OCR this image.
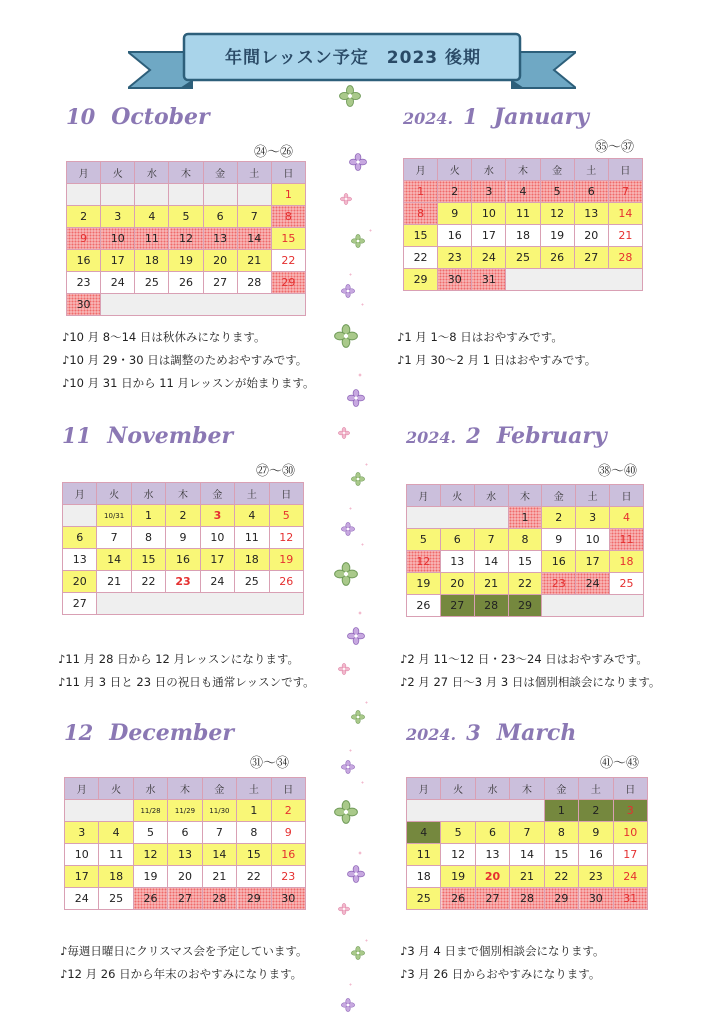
年間レッスン予定　2023 後期
10 October
㉔～㉖
月	火	水	木	金	土	日
						1
2	3	4	5	6	7	8
9	10	11	12	13	14	15
16	17	18	19	20	21	22
23	24	25	26	27	28	29
30						
♪10 月 8～14 日は秋休みになります。
♪10 月 29・30 日は調整のためおやすみです。
♪10 月 31 日から 11 月レッスンが始まります。
2024. 1 January
㉟～㊲
月	火	水	木	金	土	日
1	2	3	4	5	6	7
8	9	10	11	12	13	14
15	16	17	18	19	20	21
22	23	24	25	26	27	28
29	30	31				
♪1 月 1～8 日はおやすみです。
♪1 月 30～2 月 1 日はおやすみです。
11 November
㉗～㉚
月	火	水	木	金	土	日
	10/31	1	2	3	4	5
6	7	8	9	10	11	12
13	14	15	16	17	18	19
20	21	22	23	24	25	26
27						
♪11 月 28 日から 12 月レッスンになります。
♪11 月 3 日と 23 日の祝日も通常レッスンです。
2024. 2 February
㊳～㊵
月	火	水	木	金	土	日
			1	2	3	4
5	6	7	8	9	10	11
12	13	14	15	16	17	18
19	20	21	22	23	24	25
26	27	28	29			
♪2 月 11～12 日・23～24 日はおやすみです。
♪2 月 27 日～3 月 3 日は個別相談会になります。
12 December
㉛～㉞
月	火	水	木	金	土	日
		11/28	11/29	11/30	1	2
3	4	5	6	7	8	9
10	11	12	13	14	15	16
17	18	19	20	21	22	23
24	25	26	27	28	29	30
♪毎週日曜日にクリスマス会を予定しています。
♪12 月 26 日から年末のおやすみになります。
2024. 3 March
㊶～㊸
月	火	水	木	金	土	日
				1	2	3
4	5	6	7	8	9	10
11	12	13	14	15	16	17
18	19	20	21	22	23	24
25	26	27	28	29	30	31
♪3 月 4 日まで個別相談会になります。
♪3 月 26 日からおやすみになります。
